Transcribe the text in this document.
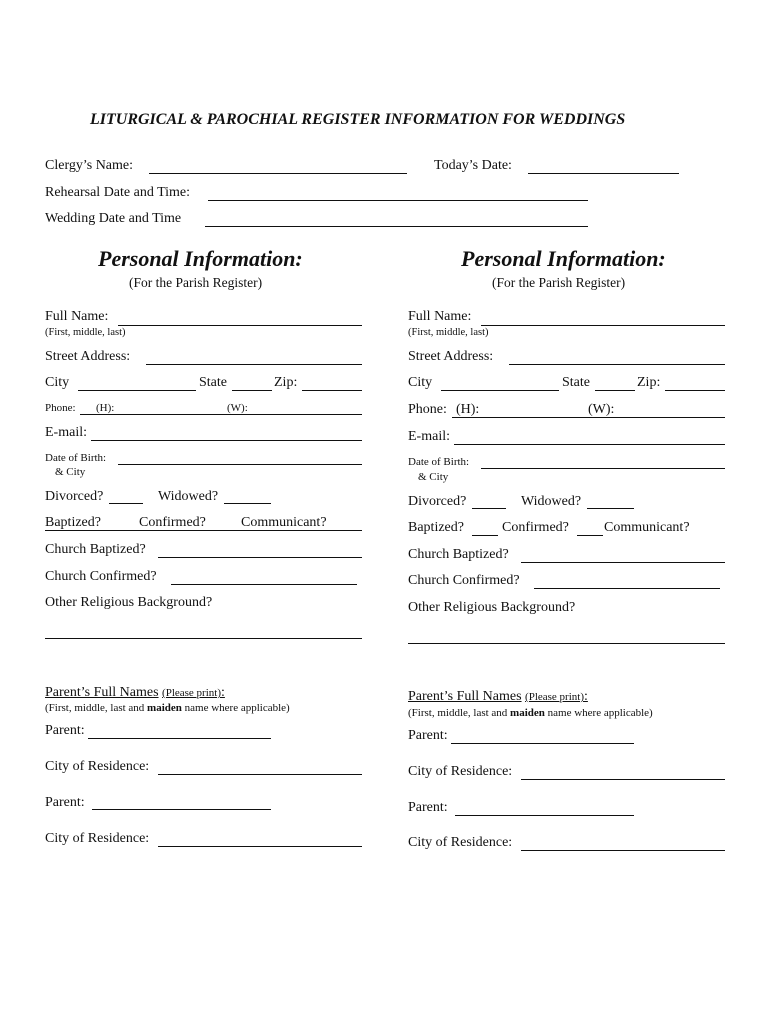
LITURGICAL & PAROCHIAL REGISTER INFORMATION FOR WEDDINGS
Clergy’s Name:	Today’s Date:
Rehearsal Date and Time:
Wedding Date and Time
Personal Information:
(For the Parish Register)
Full Name:
(First, middle, last)
Street Address:
City	State	Zip:
Phone: (H):	(W):
E-mail:
Date of Birth:
& City
Divorced?	Widowed?
Baptized?	Confirmed?	Communicant?
Church Baptized?
Church Confirmed?
Other Religious Background?
Parent’s Full Names (Please print):
(First, middle, last and maiden name where applicable)
Parent:
City of Residence:
Parent:
City of Residence:
Personal Information:
(For the Parish Register)
Full Name:
(First, middle, last)
Street Address:
City	State	Zip:
Phone: (H):	(W):
E-mail:
Date of Birth:
& City
Divorced?	Widowed?
Baptized?	Confirmed?	Communicant?
Church Baptized?
Church Confirmed?
Other Religious Background?
Parent’s Full Names (Please print):
(First, middle, last and maiden name where applicable)
Parent:
City of Residence:
Parent:
City of Residence:
